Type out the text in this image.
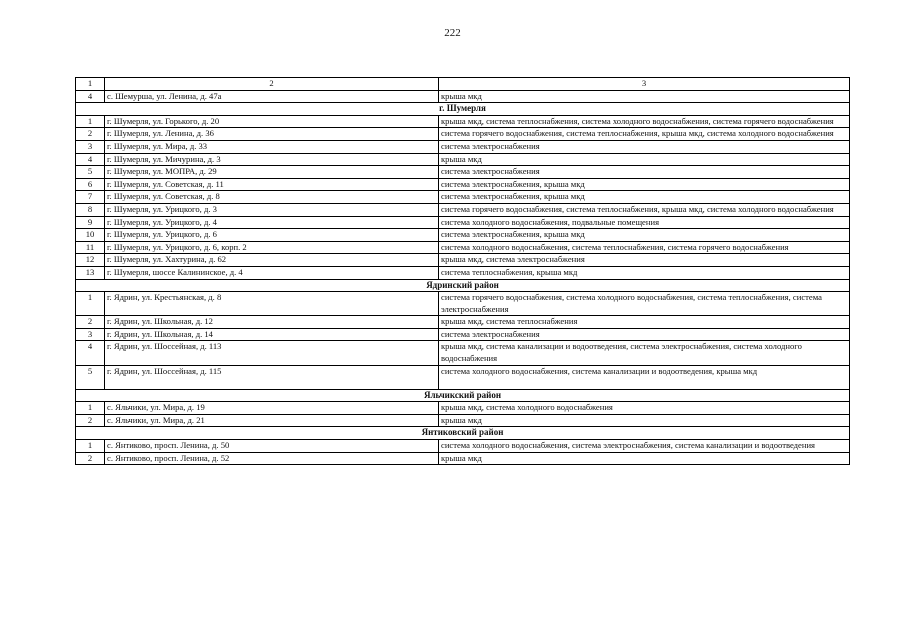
222
1	2	3
4	с. Шемурша, ул. Ленина, д. 47а	крыша мкд
г. Шумерля		
1	г. Шумерля, ул. Горького, д. 20	крыша мкд, система теплоснабжения, система холодного водоснабжения, система горячего водоснабжения
2	г. Шумерля, ул. Ленина, д. 36	система горячего водоснабжения, система теплоснабжения, крыша мкд, система холодного водоснабжения
3	г. Шумерля, ул. Мира, д. 33	система электроснабжения
4	г. Шумерля, ул. Мичурина, д. 3	крыша мкд
5	г. Шумерля, ул. МОПРА, д. 29	система электроснабжения
6	г. Шумерля, ул. Советская, д. 11	система электроснабжения, крыша мкд
7	г. Шумерля, ул. Советская, д. 8	система электроснабжения, крыша мкд
8	г. Шумерля, ул. Урицкого, д. 3	система горячего водоснабжения, система теплоснабжения, крыша мкд, система холодного водоснабжения
9	г. Шумерля, ул. Урицкого, д. 4	система холодного водоснабжения, подвальные помещения
10	г. Шумерля, ул. Урицкого, д. 6	система электроснабжения, крыша мкд
11	г. Шумерля, ул. Урицкого, д. 6, корп. 2	система холодного водоснабжения, система теплоснабжения, система горячего водоснабжения
12	г. Шумерля, ул. Хахтурина, д. 62	крыша мкд, система электроснабжения
13	г. Шумерля, шоссе Калининское, д. 4	система теплоснабжения, крыша мкд
Ядринский район		
1	г. Ядрин, ул. Крестьянская, д. 8	система горячего водоснабжения, система холодного водоснабжения, система теплоснабжения, система электроснабжения
2	г. Ядрин, ул. Школьная, д. 12	крыша мкд, система теплоснабжения
3	г. Ядрин, ул. Школьная, д. 14	система электроснабжения
4	г. Ядрин, ул. Шоссейная, д. 113	крыша мкд, система канализации и водоотведения, система электроснабжения, система холодного водоснабжения
5	г. Ядрин, ул. Шоссейная, д. 115	система холодного водоснабжения, система канализации и водоотведения, крыша мкд
Яльчикский район		
1	с. Яльчики, ул. Мира, д. 19	крыша мкд, система холодного водоснабжения
2	с. Яльчики, ул. Мира, д. 21	крыша мкд
Янтиковский район		
1	с. Янтиково, просп. Ленина, д. 50	система холодного водоснабжения, система электроснабжения, система канализации и водоотведения
2	с. Янтиково, просп. Ленина, д. 52	крыша мкд
